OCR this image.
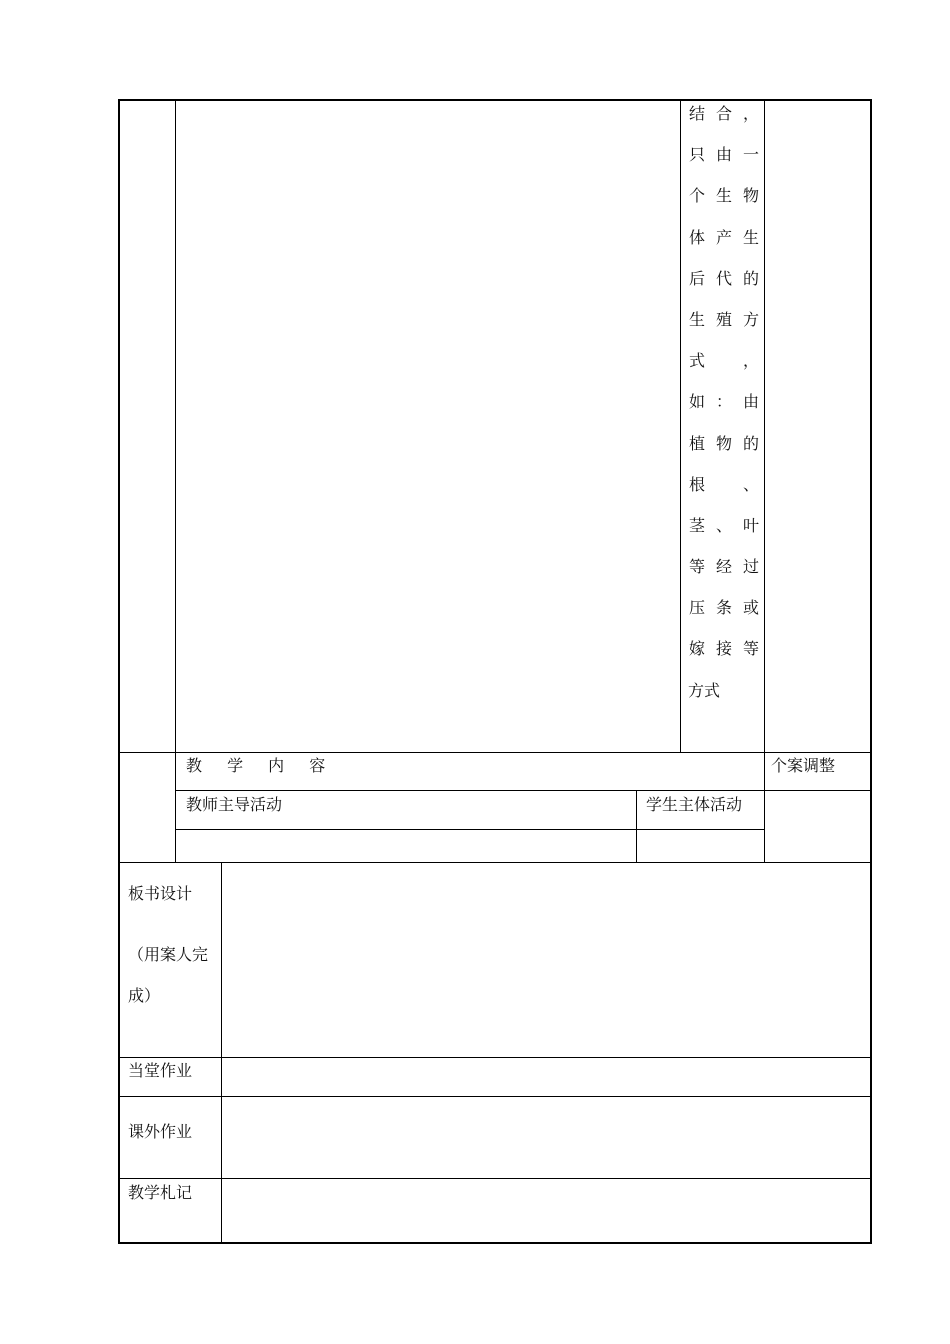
结 合 ，
只 由 一
个 生 物
体 产 生
后 代 的
生 殖 方
式 ，
如 ： 由
植 物 的
根 、
茎 、 叶
等 经 过
压 条 或
嫁 接 等
方式
教 学 内 容	个案调整
教师主导活动	学生主体活动
板书设计
（用案人完
成）
当堂作业
课外作业
教学札记
